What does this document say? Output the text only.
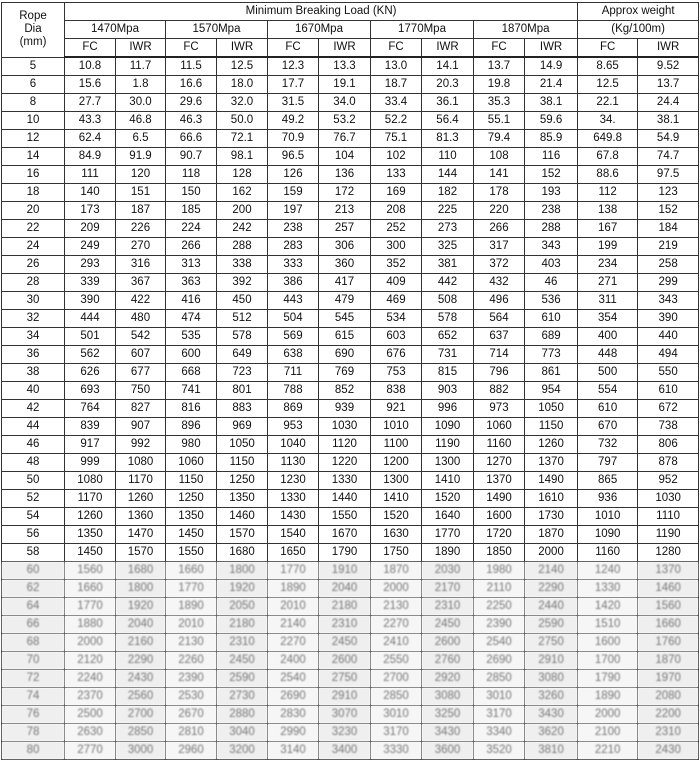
Rope
Dia
(mm)	Minimum Breaking Load (KN)										Approx weight	
	1470Mpa		1570Mpa		1670Mpa		1770Mpa		1870Mpa		(Kg/100m)	
	FC	IWR	FC	IWR	FC	IWR	FC	IWR	FC	IWR	FC	IWR
5	10.8	11.7	11.5	12.5	12.3	13.3	13.0	14.1	13.7	14.9	8.65	9.52
6	15.6	1.8	16.6	18.0	17.7	19.1	18.7	20.3	19.8	21.4	12.5	13.7
8	27.7	30.0	29.6	32.0	31.5	34.0	33.4	36.1	35.3	38.1	22.1	24.4
10	43.3	46.8	46.3	50.0	49.2	53.2	52.2	56.4	55.1	59.6	34.	38.1
12	62.4	6.5	66.6	72.1	70.9	76.7	75.1	81.3	79.4	85.9	649.8	54.9
14	84.9	91.9	90.7	98.1	96.5	104	102	110	108	116	67.8	74.7
16	111	120	118	128	126	136	133	144	141	152	88.6	97.5
18	140	151	150	162	159	172	169	182	178	193	112	123
20	173	187	185	200	197	213	208	225	220	238	138	152
22	209	226	224	242	238	257	252	273	266	288	167	184
24	249	270	266	288	283	306	300	325	317	343	199	219
26	293	316	313	338	333	360	352	381	372	403	234	258
28	339	367	363	392	386	417	409	442	432	46	271	299
30	390	422	416	450	443	479	469	508	496	536	311	343
32	444	480	474	512	504	545	534	578	564	610	354	390
34	501	542	535	578	569	615	603	652	637	689	400	440
36	562	607	600	649	638	690	676	731	714	773	448	494
38	626	677	668	723	711	769	753	815	796	861	500	550
40	693	750	741	801	788	852	838	903	882	954	554	610
42	764	827	816	883	869	939	921	996	973	1050	610	672
44	839	907	896	969	953	1030	1010	1090	1060	1150	670	738
46	917	992	980	1050	1040	1120	1100	1190	1160	1260	732	806
48	999	1080	1060	1150	1130	1220	1200	1300	1270	1370	797	878
50	1080	1170	1150	1250	1230	1330	1300	1410	1370	1490	865	952
52	1170	1260	1250	1350	1330	1440	1410	1520	1490	1610	936	1030
54	1260	1360	1350	1460	1430	1550	1520	1640	1600	1730	1010	1110
56	1350	1470	1450	1570	1540	1670	1630	1770	1720	1870	1090	1190
58	1450	1570	1550	1680	1650	1790	1750	1890	1850	2000	1160	1280
60	1560	1680	1660	1800	1770	1910	1870	2030	1980	2140	1240	1370
62	1660	1800	1770	1920	1890	2040	2000	2170	2110	2290	1330	1460
64	1770	1920	1890	2050	2010	2180	2130	2310	2250	2440	1420	1560
66	1880	2040	2010	2180	2140	2310	2270	2450	2390	2590	1510	1660
68	2000	2160	2130	2310	2270	2450	2410	2600	2540	2750	1600	1760
70	2120	2290	2260	2450	2400	2600	2550	2760	2690	2910	1700	1870
72	2240	2430	2390	2590	2540	2750	2700	2920	2850	3080	1790	1970
74	2370	2560	2530	2730	2690	2910	2850	3080	3010	3260	1890	2080
76	2500	2700	2670	2880	2830	3070	3010	3250	3170	3430	2000	2200
78	2630	2850	2810	3040	2990	3230	3170	3430	3340	3620	2100	2310
80	2770	3000	2960	3200	3140	3400	3330	3600	3520	3810	2210	2430
